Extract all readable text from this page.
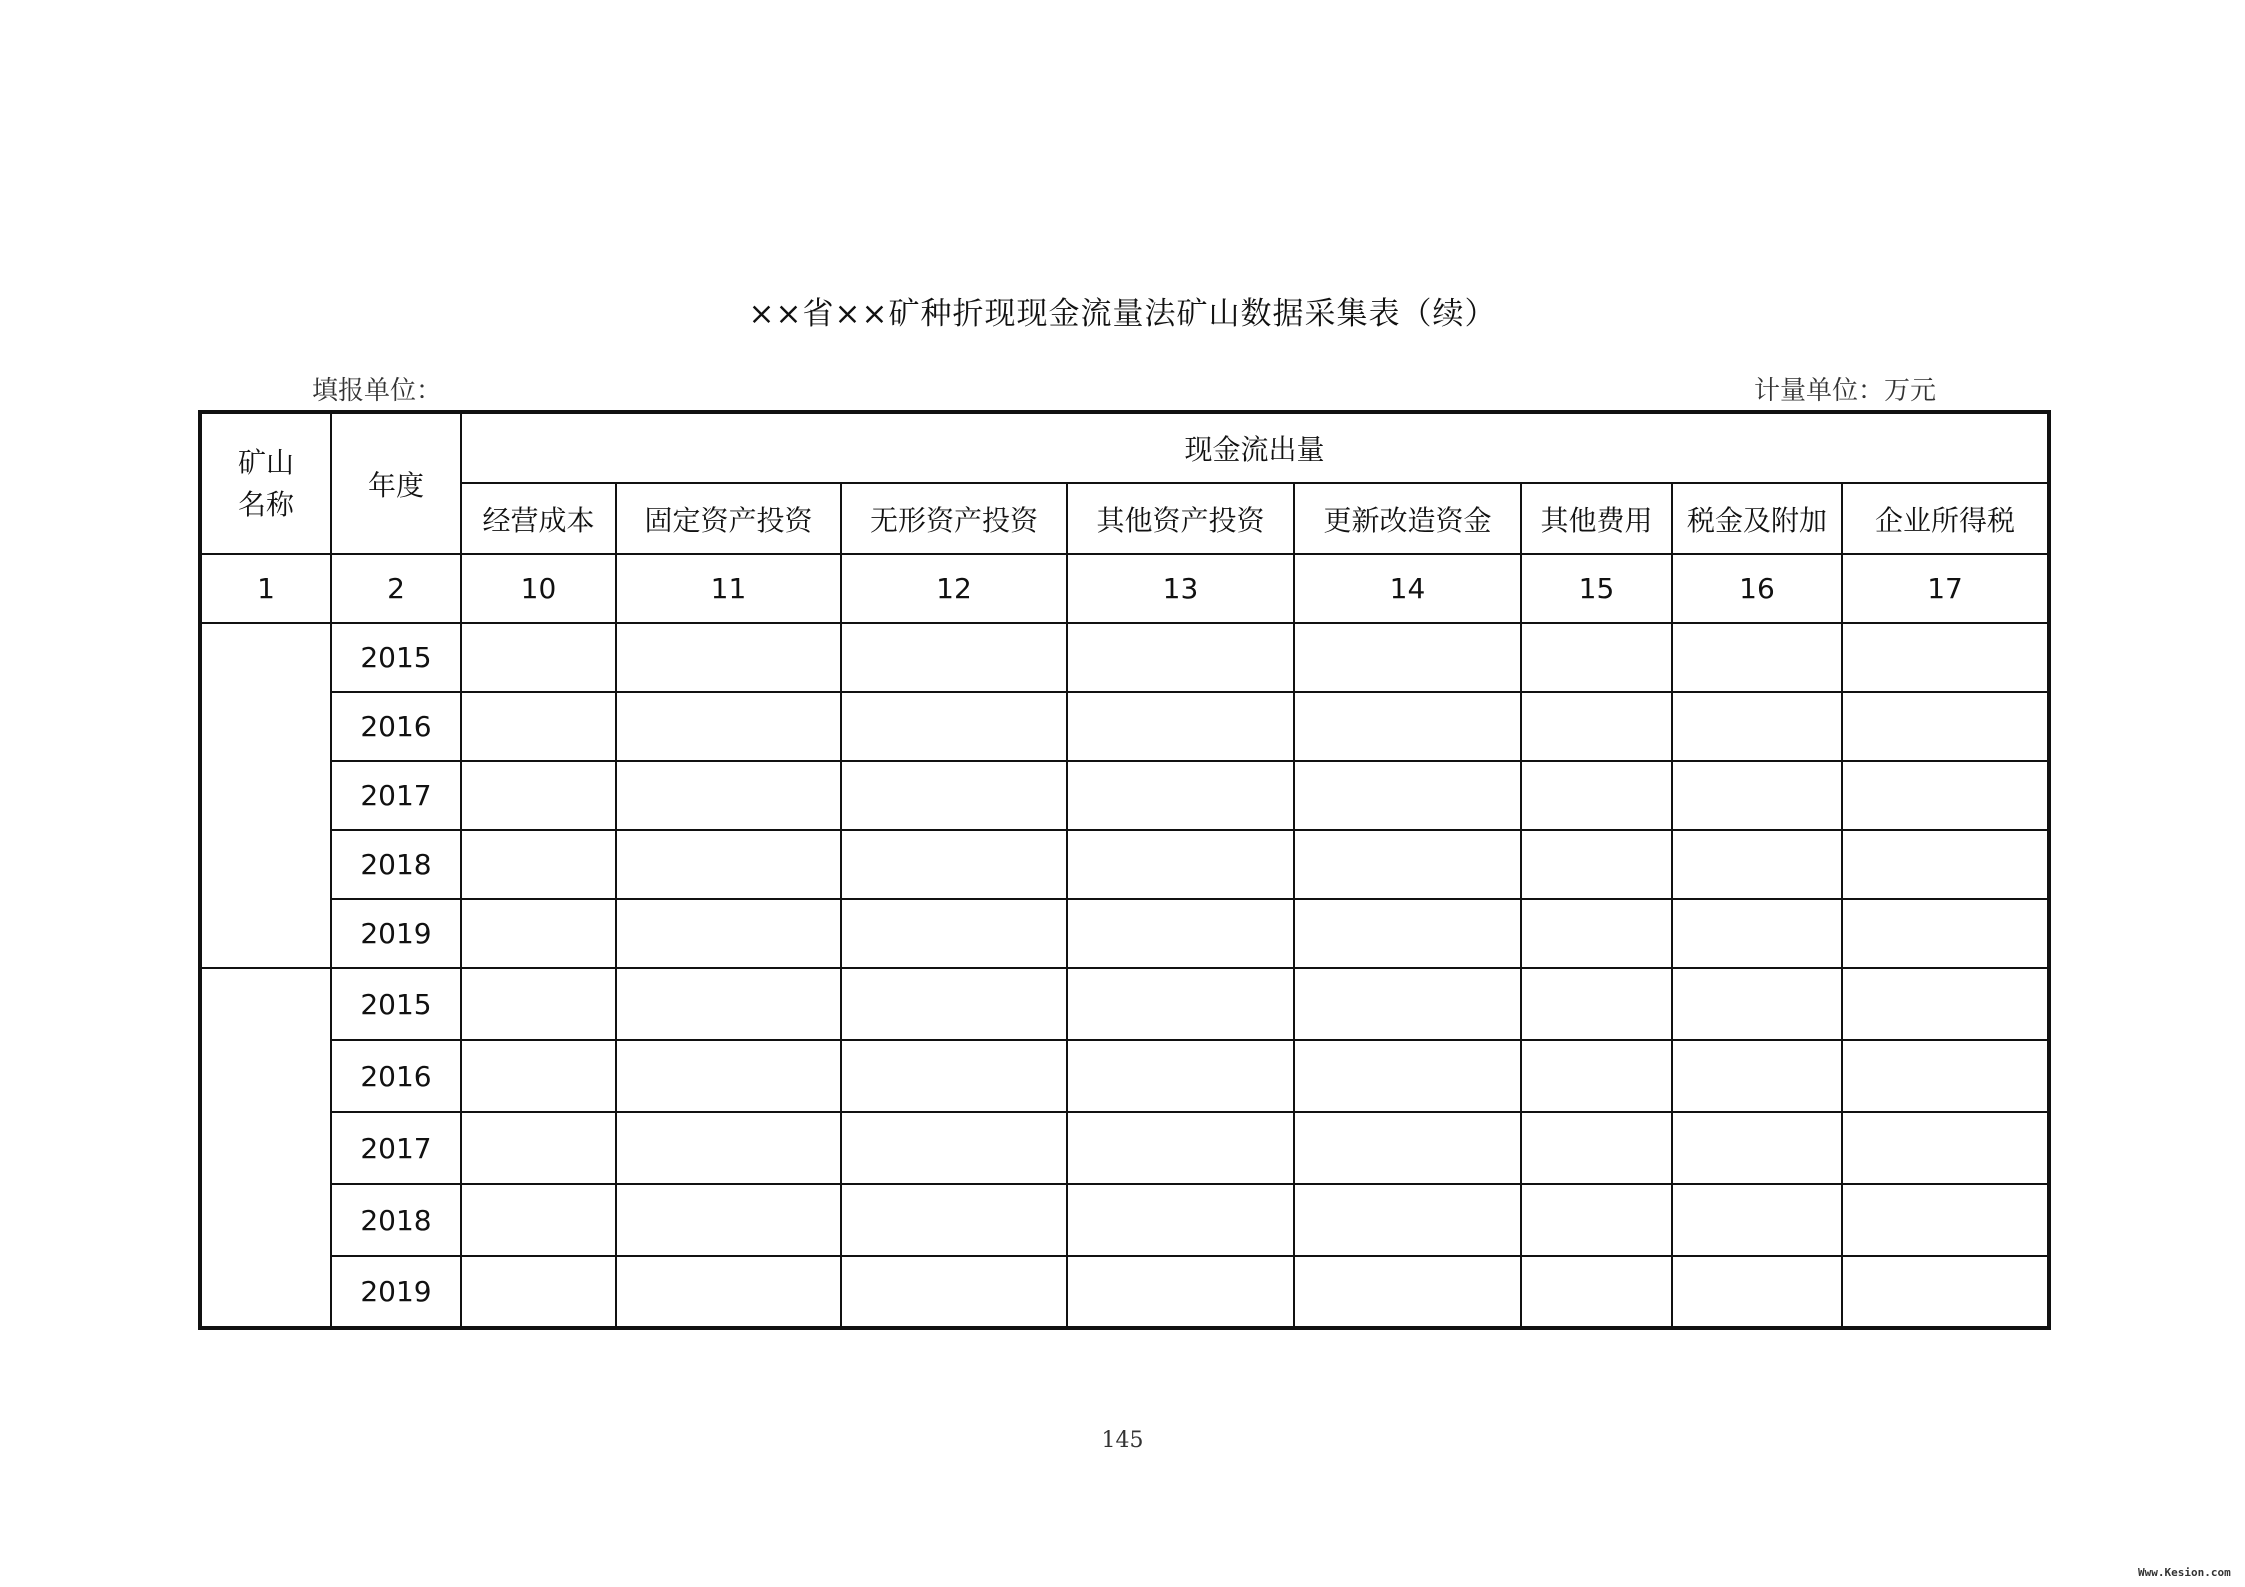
××省××矿种折现现金流量法矿山数据采集表（续）
填报单位：	计量单位：万元
矿山
名称	年度	现金流出量							
		经营成本	固定资产投资	无形资产投资	其他资产投资	更新改造资金	其他费用	税金及附加	企业所得税
1	2	10	11	12	13	14	15	16	17
	2015								
	2016								
	2017								
	2018								
	2019								
	2015								
	2016								
	2017								
	2018								
	2019								
145
Www.Kesion.com
